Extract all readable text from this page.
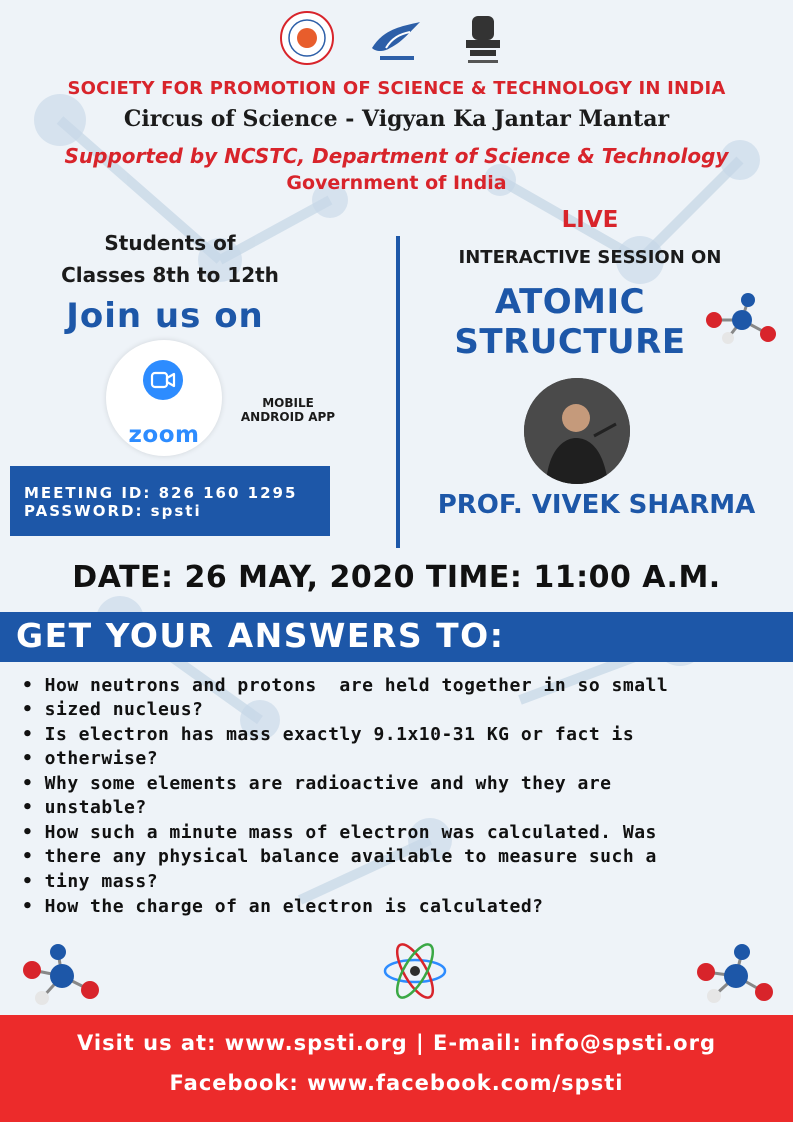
SOCIETY FOR PROMOTION OF SCIENCE & TECHNOLOGY IN INDIA
Circus of Science - Vigyan Ka Jantar Mantar
Supported by NCSTC, Department of Science & Technology
Government of India
Students of
Classes 8th to 12th
Join us on
zoom
MOBILE
ANDROID APP
MEETING ID: 826 160 1295
PASSWORD: spsti
LIVE
INTERACTIVE SESSION ON
ATOMIC
STRUCTURE
PROF. VIVEK SHARMA
DATE: 26 MAY, 2020 TIME: 11:00 A.M.
GET YOUR ANSWERS TO:
• How neutrons and protons  are held together in so small
• sized nucleus?
• Is electron has mass exactly 9.1x10-31 KG or fact is
• otherwise?
• Why some elements are radioactive and why they are
• unstable?
• How such a minute mass of electron was calculated. Was
• there any physical balance available to measure such a
• tiny mass?
• How the charge of an electron is calculated?
Visit us at: www.spsti.org | E-mail: info@spsti.org
Facebook: www.facebook.com/spsti
